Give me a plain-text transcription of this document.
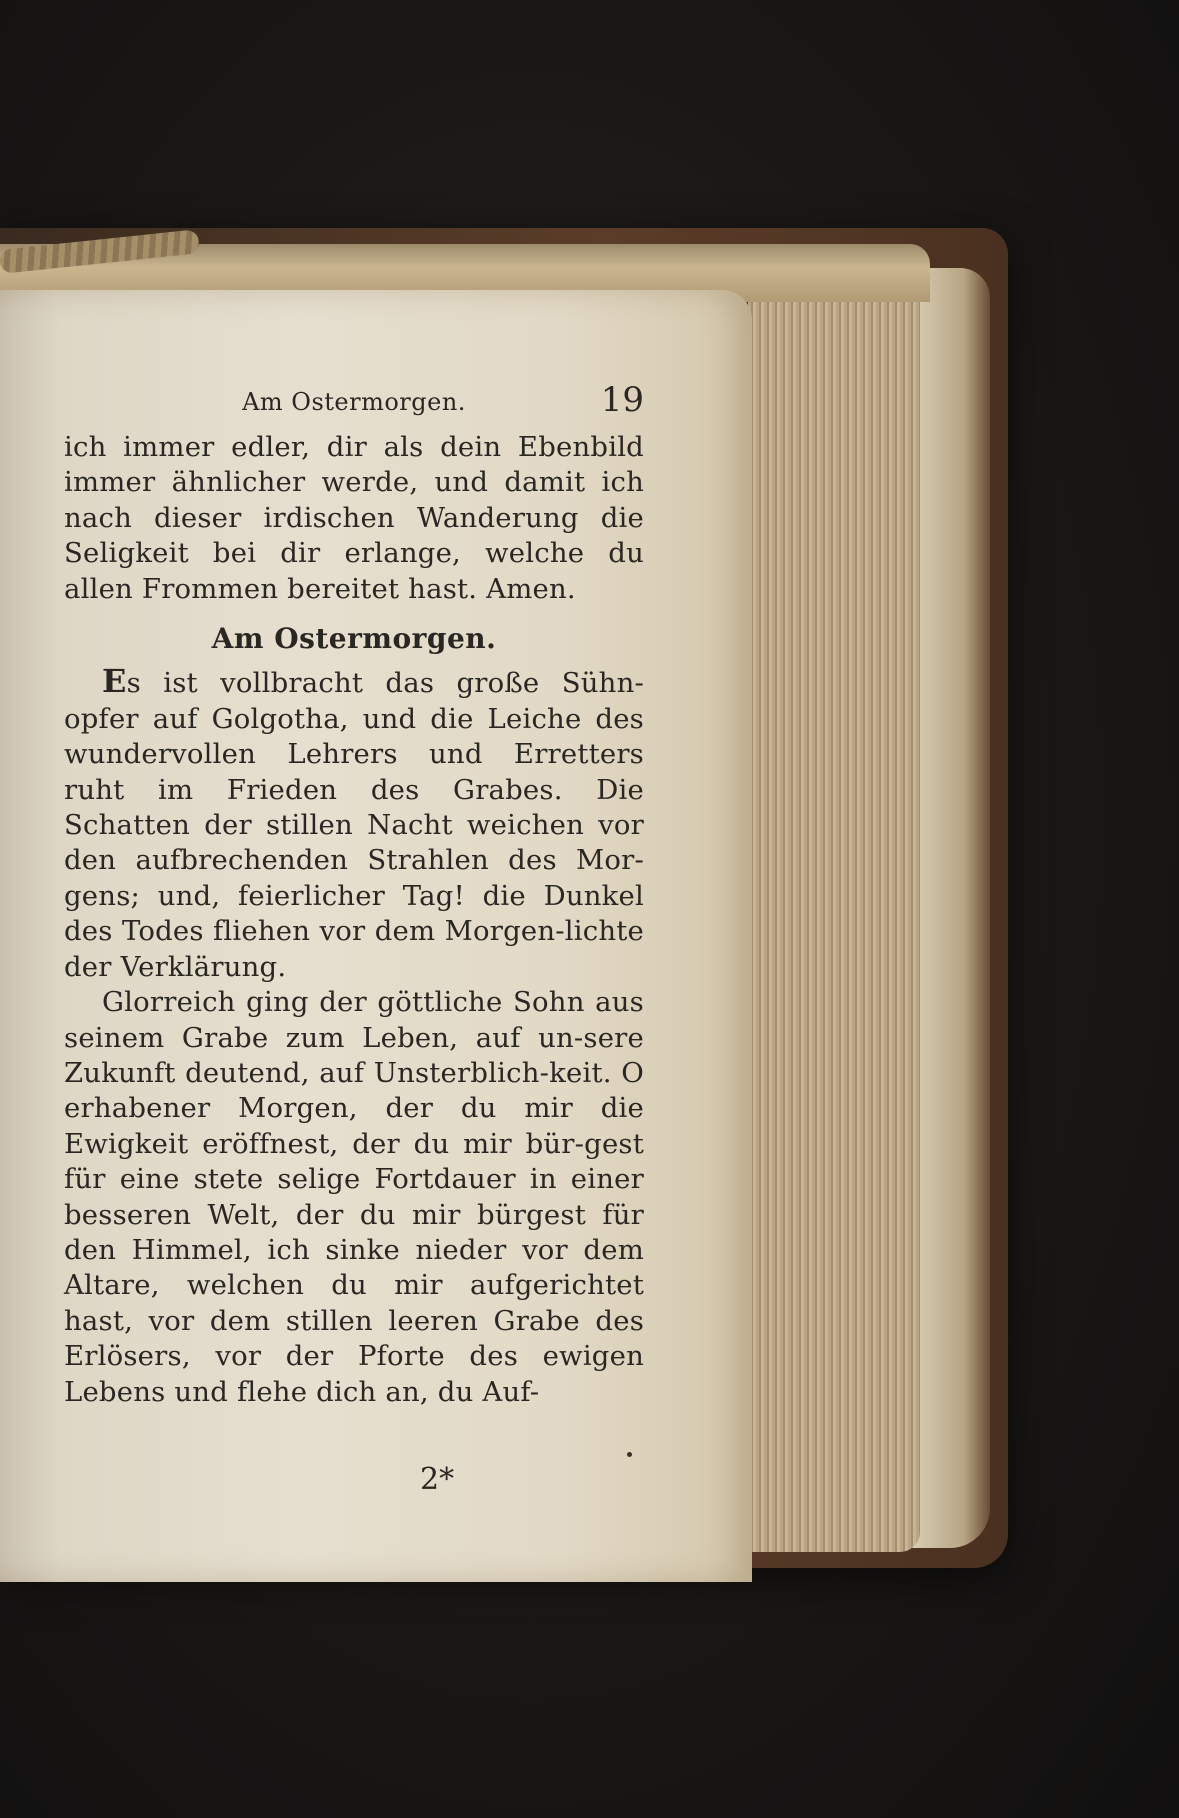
Am Ostermorgen.	19

ich immer edler, dir als dein Ebenbild immer ähnlicher werde, und damit ich nach dieser irdischen Wanderung die Seligkeit bei dir erlange, welche du allen Frommen bereitet hast. Amen.

Am Ostermorgen.

Es ist vollbracht das große Sühn-opfer auf Golgotha, und die Leiche des wundervollen Lehrers und Erretters ruht im Frieden des Grabes. Die Schatten der stillen Nacht weichen vor den aufbrechenden Strahlen des Mor-gens; und, feierlicher Tag! die Dunkel des Todes fliehen vor dem Morgen-lichte der Verklärung.

Glorreich ging der göttliche Sohn aus seinem Grabe zum Leben, auf un-sere Zukunft deutend, auf Unsterblich-keit. O erhabener Morgen, der du mir die Ewigkeit eröffnest, der du mir bür-gest für eine stete selige Fortdauer in einer besseren Welt, der du mir bürgest für den Himmel, ich sinke nieder vor dem Altare, welchen du mir aufgerichtet hast, vor dem stillen leeren Grabe des Erlösers, vor der Pforte des ewigen Lebens und flehe dich an, du Auf-

2*
